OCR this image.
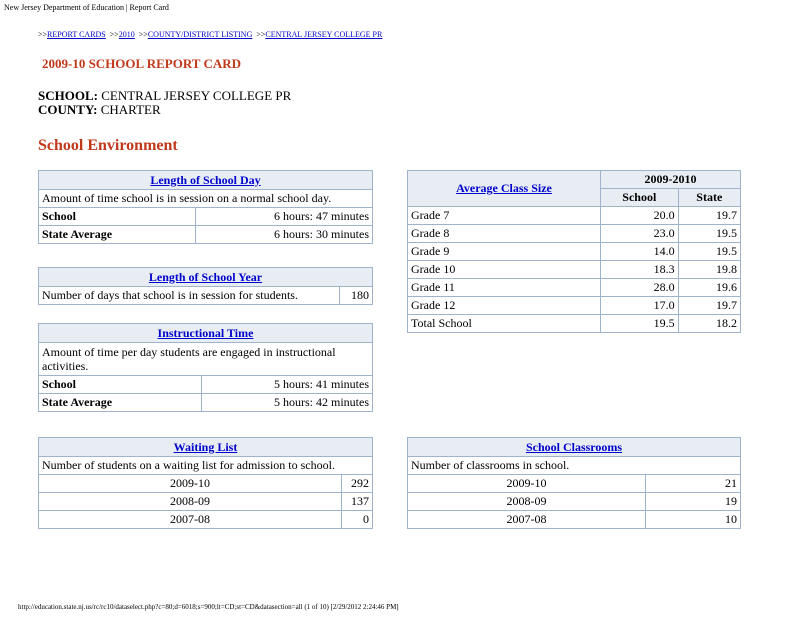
New Jersey Department of Education | Report Card
>>REPORT CARDS >>2010 >>COUNTY/DISTRICT LISTING >>CENTRAL JERSEY COLLEGE PR
2009-10 SCHOOL REPORT CARD
SCHOOL: CENTRAL JERSEY COLLEGE PR
COUNTY: CHARTER
School Environment
Length of School Day	
Amount of time school is in session on a normal school day.	
School	6 hours: 47 minutes
State Average	6 hours: 30 minutes
Length of School Year
Number of days that school is in session for students.	180
Instructional Time	
Amount of time per day students are engaged in instructional activities.	
School	5 hours: 41 minutes
State Average	5 hours: 42 minutes
Average Class Size	2009-2010	
	School	State
Grade 7	20.0	19.7
Grade 8	23.0	19.5
Grade 9	14.0	19.5
Grade 10	18.3	19.8
Grade 11	28.0	19.6
Grade 12	17.0	19.7
Total School	19.5	18.2
Waiting List	
Number of students on a waiting list for admission to school.	
2009-10	292
2008-09	137
2007-08	0
School Classrooms	
Number of classrooms in school.	
2009-10	21
2008-09	19
2007-08	10
http://education.state.nj.us/rc/rc10/dataselect.php?c=80;d=6018;s=900;lt=CD;st=CD&datasection=all (1 of 10) [2/29/2012 2:24:46 PM]
